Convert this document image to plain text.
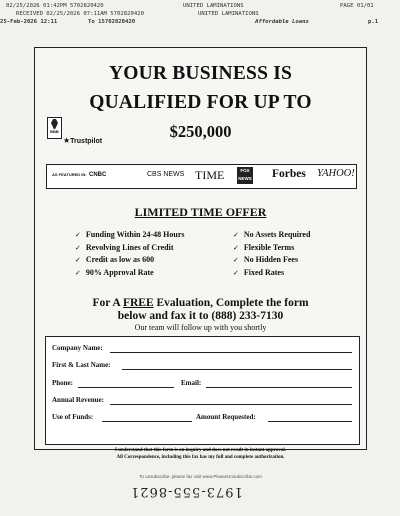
02/25/2026 01:42PM 5702820420	UNITED LAMINATIONS	PAGE 01/01
RECEIVED 02/25/2026 07:11AM 5702820420	UNITED LAMINATIONS
25-Feb-2026 12:11	To 15702820420	Affordable Loans	p.1
YOUR BUSINESS IS
QUALIFIED FOR UP TO
$250,000
BBB
★Trustpilot
AS FEATURED IN: CNBC	CBS NEWS TIME	FOX NEWS Forbes YAHOO!
LIMITED TIME OFFER
✓ Funding Within 24-48 Hours
✓ Revolving Lines of Credit
✓ Credit as low as 600
✓ 90% Approval Rate
✓ No Assets Required
✓ Flexible Terms
✓ No Hidden Fees
✓ Fixed Rates
For A FREE Evaluation, Complete the form
below and fax it to (888) 233-7130
Our team will follow up with you shortly
Company Name:
First & Last Name:
Phone:	Email:
Annual Revenue:
Use of Funds:	Amount Requested:
I understand that this form is an inquiry and does not result in instant approval.
All Correspondence, including this fax has my full and complete authorization.
To unsubscribe, please fax visit www.PleaseUnsubscribe.com
1973-555-8621
